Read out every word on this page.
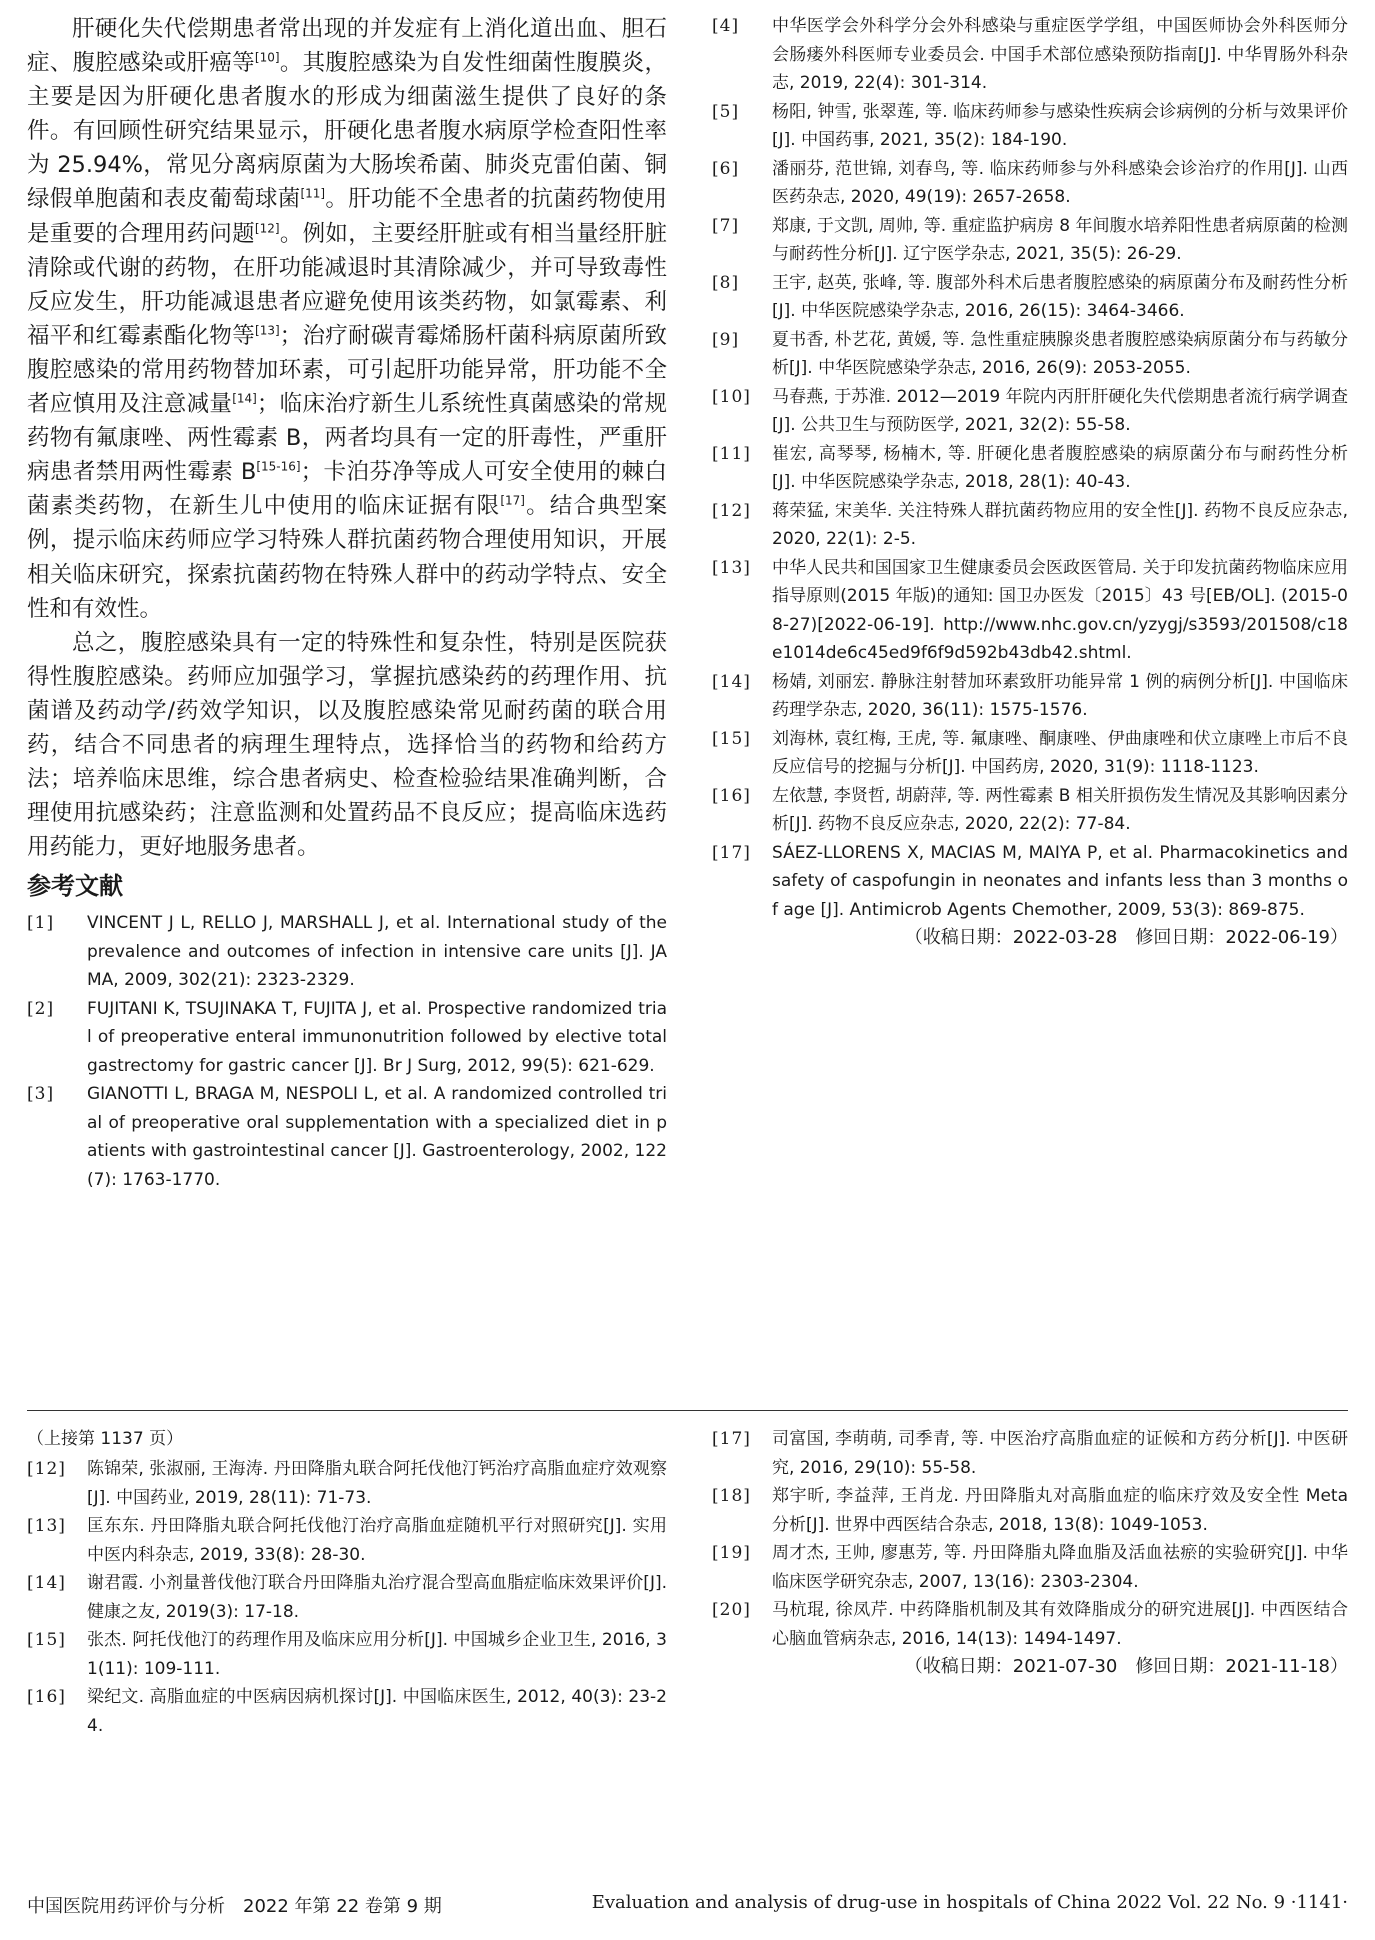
肝硬化失代偿期患者常出现的并发症有上消化道出血、胆石症、腹腔感染或肝癌等[10]。其腹腔感染为自发性细菌性腹膜炎，主要是因为肝硬化患者腹水的形成为细菌滋生提供了良好的条件。有回顾性研究结果显示，肝硬化患者腹水病原学检查阳性率为 25.94%，常见分离病原菌为大肠埃希菌、肺炎克雷伯菌、铜绿假单胞菌和表皮葡萄球菌[11]。肝功能不全患者的抗菌药物使用是重要的合理用药问题[12]。例如，主要经肝脏或有相当量经肝脏清除或代谢的药物，在肝功能减退时其清除减少，并可导致毒性反应发生，肝功能减退患者应避免使用该类药物，如氯霉素、利福平和红霉素酯化物等[13]；治疗耐碳青霉烯肠杆菌科病原菌所致腹腔感染的常用药物替加环素，可引起肝功能异常，肝功能不全者应慎用及注意减量[14]；临床治疗新生儿系统性真菌感染的常规药物有氟康唑、两性霉素 B，两者均具有一定的肝毒性，严重肝病患者禁用两性霉素 B[15-16]；卡泊芬净等成人可安全使用的棘白菌素类药物，在新生儿中使用的临床证据有限[17]。结合典型案例，提示临床药师应学习特殊人群抗菌药物合理使用知识，开展相关临床研究，探索抗菌药物在特殊人群中的药动学特点、安全性和有效性。

总之，腹腔感染具有一定的特殊性和复杂性，特别是医院获得性腹腔感染。药师应加强学习，掌握抗感染药的药理作用、抗菌谱及药动学/药效学知识，以及腹腔感染常见耐药菌的联合用药，结合不同患者的病理生理特点，选择恰当的药物和给药方法；培养临床思维，综合患者病史、检查检验结果准确判断，合理使用抗感染药；注意监测和处置药品不良反应；提高临床选药用药能力，更好地服务患者。

参考文献
[1]	VINCENT J L, RELLO J, MARSHALL J, et al. International study of the prevalence and outcomes of infection in intensive care units [J]. JAMA, 2009, 302(21): 2323-2329.
[2]	FUJITANI K, TSUJINAKA T, FUJITA J, et al. Prospective randomized trial of preoperative enteral immunonutrition followed by elective total gastrectomy for gastric cancer [J]. Br J Surg, 2012, 99(5): 621-629.
[3]	GIANOTTI L, BRAGA M, NESPOLI L, et al. A randomized controlled trial of preoperative oral supplementation with a specialized diet in patients with gastrointestinal cancer [J]. Gastroenterology, 2002, 122(7): 1763-1770.
[4]	中华医学会外科学分会外科感染与重症医学学组，中国医师协会外科医师分会肠瘘外科医师专业委员会. 中国手术部位感染预防指南[J]. 中华胃肠外科杂志, 2019, 22(4): 301-314.
[5]	杨阳, 钟雪, 张翠莲, 等. 临床药师参与感染性疾病会诊病例的分析与效果评价[J]. 中国药事, 2021, 35(2): 184-190.
[6]	潘丽芬, 范世锦, 刘春鸟, 等. 临床药师参与外科感染会诊治疗的作用[J]. 山西医药杂志, 2020, 49(19): 2657-2658.
[7]	郑康, 于文凯, 周帅, 等. 重症监护病房 8 年间腹水培养阳性患者病原菌的检测与耐药性分析[J]. 辽宁医学杂志, 2021, 35(5): 26-29.
[8]	王宇, 赵英, 张峰, 等. 腹部外科术后患者腹腔感染的病原菌分布及耐药性分析[J]. 中华医院感染学杂志, 2016, 26(15): 3464-3466.
[9]	夏书香, 朴艺花, 黄媛, 等. 急性重症胰腺炎患者腹腔感染病原菌分布与药敏分析[J]. 中华医院感染学杂志, 2016, 26(9): 2053-2055.
[10]	马春燕, 于苏淮. 2012—2019 年院内丙肝肝硬化失代偿期患者流行病学调查[J]. 公共卫生与预防医学, 2021, 32(2): 55-58.
[11]	崔宏, 高琴琴, 杨楠木, 等. 肝硬化患者腹腔感染的病原菌分布与耐药性分析[J]. 中华医院感染学杂志, 2018, 28(1): 40-43.
[12]	蒋荣猛, 宋美华. 关注特殊人群抗菌药物应用的安全性[J]. 药物不良反应杂志, 2020, 22(1): 2-5.
[13]	中华人民共和国国家卫生健康委员会医政医管局. 关于印发抗菌药物临床应用指导原则(2015 年版)的通知: 国卫办医发〔2015〕43 号[EB/OL]. (2015-08-27)[2022-06-19]. http://www.nhc.gov.cn/yzygj/s3593/201508/c18e1014de6c45ed9f6f9d592b43db42.shtml.
[14]	杨婧, 刘丽宏. 静脉注射替加环素致肝功能异常 1 例的病例分析[J]. 中国临床药理学杂志, 2020, 36(11): 1575-1576.
[15]	刘海林, 袁红梅, 王虎, 等. 氟康唑、酮康唑、伊曲康唑和伏立康唑上市后不良反应信号的挖掘与分析[J]. 中国药房, 2020, 31(9): 1118-1123.
[16]	左依慧, 李贤哲, 胡蔚萍, 等. 两性霉素 B 相关肝损伤发生情况及其影响因素分析[J]. 药物不良反应杂志, 2020, 22(2): 77-84.
[17]	SÁEZ-LLORENS X, MACIAS M, MAIYA P, et al. Pharmacokinetics and safety of caspofungin in neonates and infants less than 3 months of age [J]. Antimicrob Agents Chemother, 2009, 53(3): 869-875.
（收稿日期：2022-03-28　修回日期：2022-06-19）

（上接第 1137 页）

[12]	陈锦荣, 张淑丽, 王海涛. 丹田降脂丸联合阿托伐他汀钙治疗高脂血症疗效观察[J]. 中国药业, 2019, 28(11): 71-73.
[13]	匡东东. 丹田降脂丸联合阿托伐他汀治疗高脂血症随机平行对照研究[J]. 实用中医内科杂志, 2019, 33(8): 28-30.
[14]	谢君霞. 小剂量普伐他汀联合丹田降脂丸治疗混合型高血脂症临床效果评价[J]. 健康之友, 2019(3): 17-18.
[15]	张杰. 阿托伐他汀的药理作用及临床应用分析[J]. 中国城乡企业卫生, 2016, 31(11): 109-111.
[16]	梁纪文. 高脂血症的中医病因病机探讨[J]. 中国临床医生, 2012, 40(3): 23-24.
[17]	司富国, 李萌萌, 司季青, 等. 中医治疗高脂血症的证候和方药分析[J]. 中医研究, 2016, 29(10): 55-58.
[18]	郑宇昕, 李益萍, 王肖龙. 丹田降脂丸对高脂血症的临床疗效及安全性 Meta 分析[J]. 世界中西医结合杂志, 2018, 13(8): 1049-1053.
[19]	周才杰, 王帅, 廖惠芳, 等. 丹田降脂丸降血脂及活血祛瘀的实验研究[J]. 中华临床医学研究杂志, 2007, 13(16): 2303-2304.
[20]	马杭琨, 徐凤芹. 中药降脂机制及其有效降脂成分的研究进展[J]. 中西医结合心脑血管病杂志, 2016, 14(13): 1494-1497.
（收稿日期：2021-07-30　修回日期：2021-11-18）
中国医院用药评价与分析　2022 年第 22 卷第 9 期	Evaluation and analysis of drug-use in hospitals of China 2022 Vol. 22 No. 9 ·1141·
